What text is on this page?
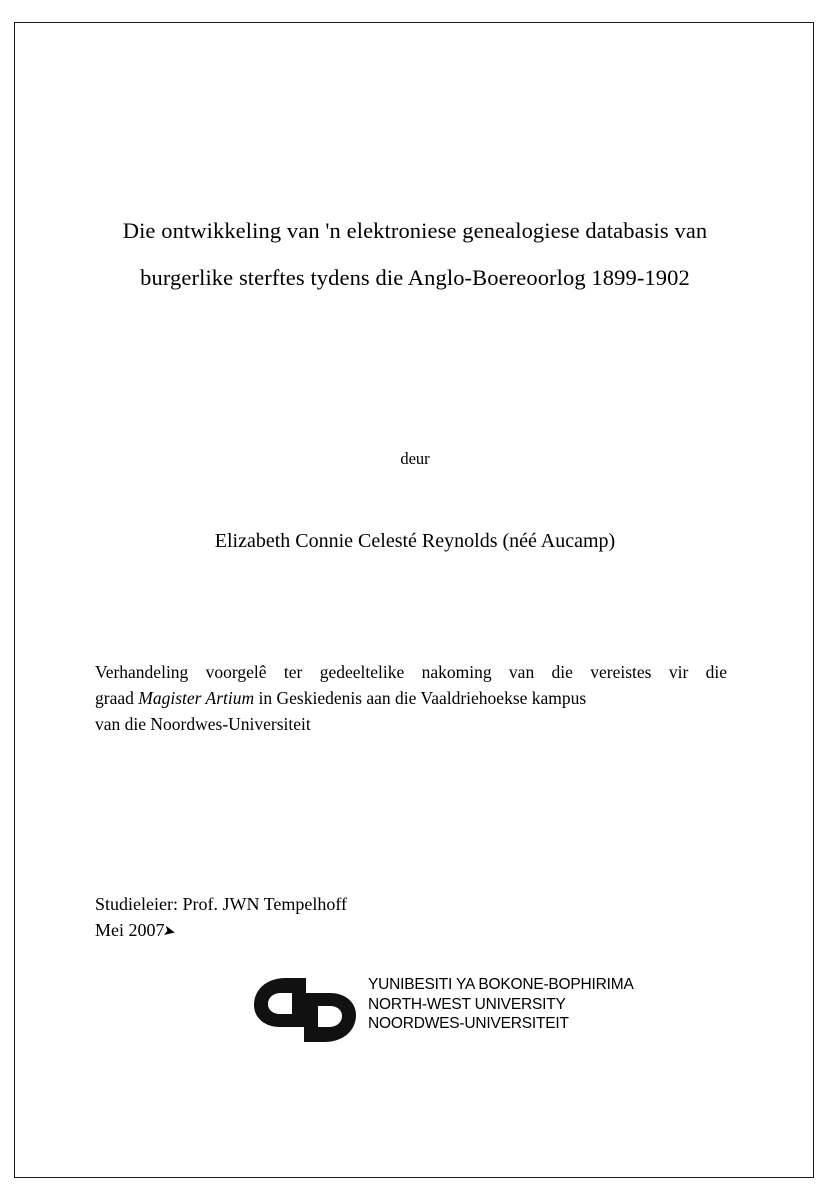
Die ontwikkeling van 'n elektroniese genealogiese databasis van
burgerlike sterftes tydens die Anglo-Boereoorlog 1899-1902
deur
Elizabeth Connie Celesté Reynolds (néé Aucamp)
Verhandeling voorgelê ter gedeeltelike nakoming van die vereistes vir die
graad Magister Artium in Geskiedenis aan die Vaaldriehoekse kampus
van die Noordwes-Universiteit
Studieleier: Prof. JWN Tempelhoff
Mei 2007
➤
YUNIBESITI YA BOKONE-BOPHIRIMA
NORTH-WEST UNIVERSITY
NOORDWES-UNIVERSITEIT
